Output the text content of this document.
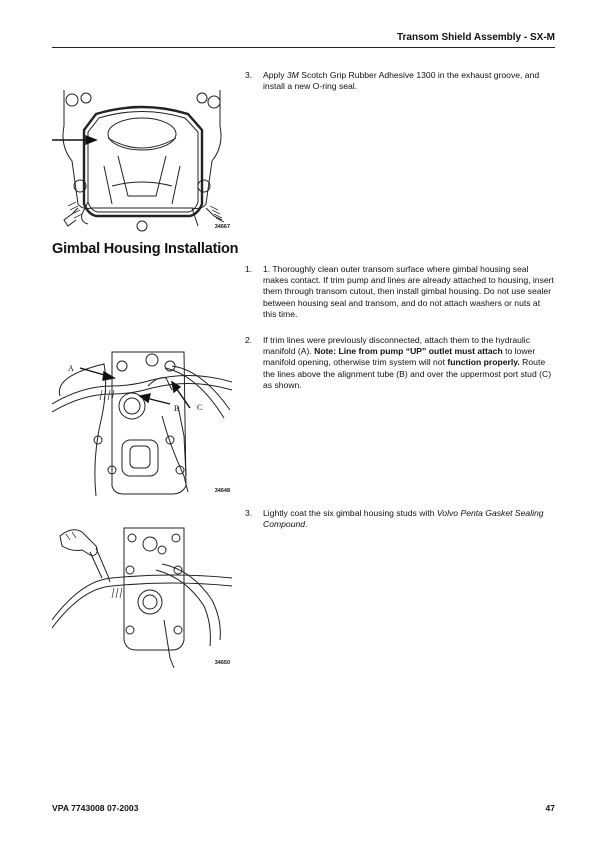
Transom Shield Assembly - SX-M
34667
3. Apply 3M Scotch Grip Rubber Adhesive 1300 in the exhaust groove, and install a new O-ring seal.
Gimbal Housing Installation
1. 1. Thoroughly clean outer transom surface where gimbal housing seal makes contact. If trim pump and lines are already attached to housing, insert them through transom cutout, then install gimbal housing. Do not use sealer between housing seal and transom, and do not attach washers or nuts at this time.
2. If trim lines were previously disconnected, attach them to the hydraulic manifold (A). Note: Line from pump “UP” outlet must attach to lower manifold opening, otherwise trim system will not function properly. Route the lines above the alignment tube (B) and over the uppermost port stud (C) as shown.
A
B C
34648
3. Lightly coat the six gimbal housing studs with Volvo Penta Gasket Sealing Compound.
34650
VPA 7743008 07-2003	47
